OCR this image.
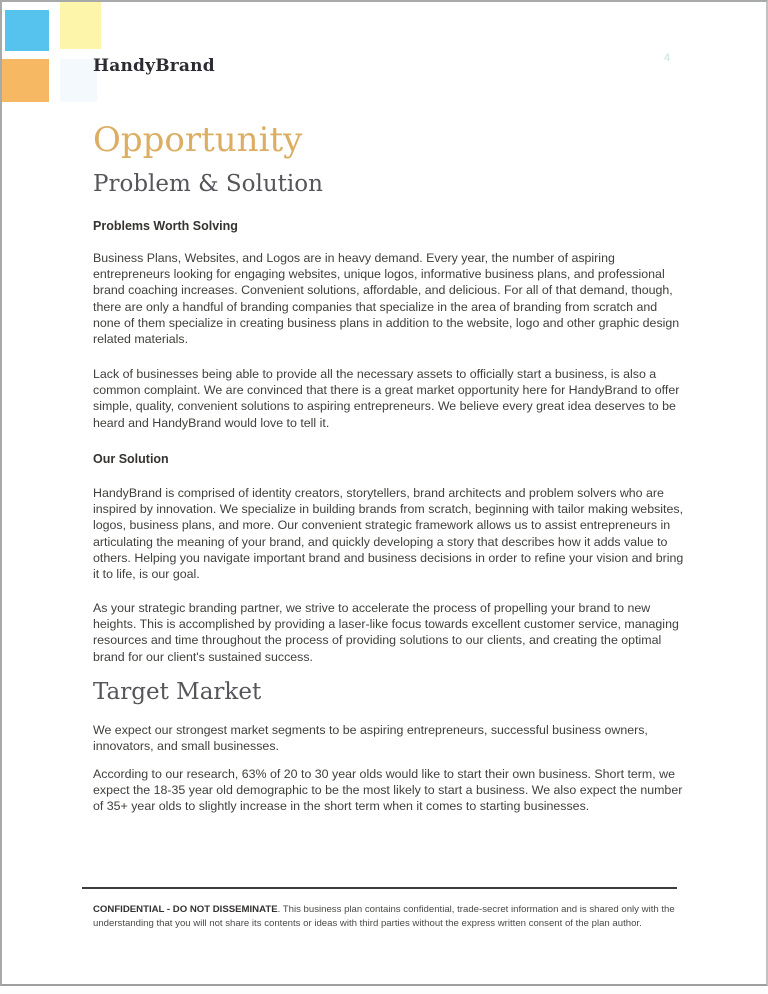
HandyBrand	4
Opportunity
Problem & Solution
Problems Worth Solving

Business Plans, Websites, and Logos are in heavy demand. Every year, the number of aspiring entrepreneurs looking for engaging websites, unique logos, informative business plans, and professional brand coaching increases. Convenient solutions, affordable, and delicious. For all of that demand, though, there are only a handful of branding companies that specialize in the area of branding from scratch and none of them specialize in creating business plans in addition to the website, logo and other graphic design related materials.

Lack of businesses being able to provide all the necessary assets to officially start a business, is also a common complaint. We are convinced that there is a great market opportunity here for HandyBrand to offer simple, quality, convenient solutions to aspiring entrepreneurs. We believe every great idea deserves to be heard and HandyBrand would love to tell it.

Our Solution

HandyBrand is comprised of identity creators, storytellers, brand architects and problem solvers who are inspired by innovation. We specialize in building brands from scratch, beginning with tailor making websites, logos, business plans, and more. Our convenient strategic framework allows us to assist entrepreneurs in articulating the meaning of your brand, and quickly developing a story that describes how it adds value to others. Helping you navigate important brand and business decisions in order to refine your vision and bring it to life, is our goal.

As your strategic branding partner, we strive to accelerate the process of propelling your brand to new heights. This is accomplished by providing a laser-like focus towards excellent customer service, managing resources and time throughout the process of providing solutions to our clients, and creating the optimal brand for our client's sustained success.

Target Market

We expect our strongest market segments to be aspiring entrepreneurs, successful business owners, innovators, and small businesses.

According to our research, 63% of 20 to 30 year olds would like to start their own business. Short term, we expect the 18-35 year old demographic to be the most likely to start a business. We also expect the number of 35+ year olds to slightly increase in the short term when it comes to starting businesses.

CONFIDENTIAL - DO NOT DISSEMINATE. This business plan contains confidential, trade-secret information and is shared only with the understanding that you will not share its contents or ideas with third parties without the express written consent of the plan author.
